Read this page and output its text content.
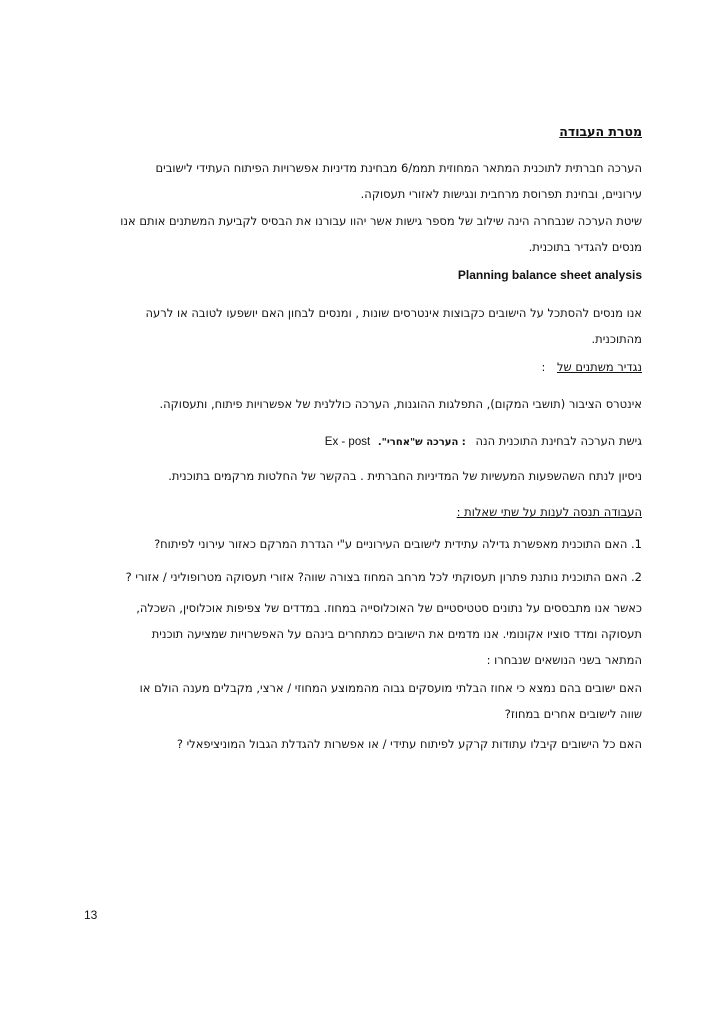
מטרת העבודה
הערכה חברתית לתוכנית המתאר המחוזית תממ/6 מבחינת מדיניות אפשרויות הפיתוח העתידי לישובים
עירוניים, ובחינת תפרוסת מרחבית ונגישות לאזורי תעסוקה.
שיטת הערכה שנבחרה הינה שילוב של מספר גישות אשר יהוו עבורנו את הבסיס לקביעת המשתנים אותם אנו
מנסים להגדיר בתוכנית.
Planning balance sheet analysis
אנו מנסים להסתכל על הישובים כקבוצות אינטרסים שונות , ומנסים לבחון האם יושפעו לטובה או לרעה
מהתוכנית.
נגדיר משתנים של :
אינטרס הציבור (תושבי המקום), התפלגות ההוגנות, הערכה כוללנית של אפשרויות פיתוח, ותעסוקה.
גישת הערכה לבחינת התוכנית הנה : הערכה ש"אחרי". Ex - post
ניסיון לנתח השהשפעות המעשיות של המדיניות החברתית . בהקשר של החלטות מרקמים בתוכנית.
העבודה תנסה לענות על שתי שאלות :
1. האם התוכנית מאפשרת גדילה עתידית לישובים העירוניים ע"י הגדרת המרקם כאזור עירוני לפיתוח?
2. האם התוכנית נותנת פתרון תעסוקתי לכל מרחב המחוז בצורה שווה? אזורי תעסוקה מטרופוליני / אזורי ?
כאשר אנו מתבססים על נתונים סטטיסטיים של האוכלוסייה במחוז. במדדים של צפיפות אוכלוסין, השכלה,
תעסוקה ומדד סוציו אקונומי. אנו מדמים את הישובים כמתחרים בינהם על האפשרויות שמציעה תוכנית
המתאר בשני הנושאים שנבחרו :
האם ישובים בהם נמצא כי אחוז הבלתי מועסקים גבוה מהממוצע המחוזי / ארצי, מקבלים מענה הולם או
שווה לישובים אחרים במחוז?
האם כל הישובים קיבלו עתודות קרקע לפיתוח עתידי / או אפשרות להגדלת הגבול המוניציפאלי ?
13
